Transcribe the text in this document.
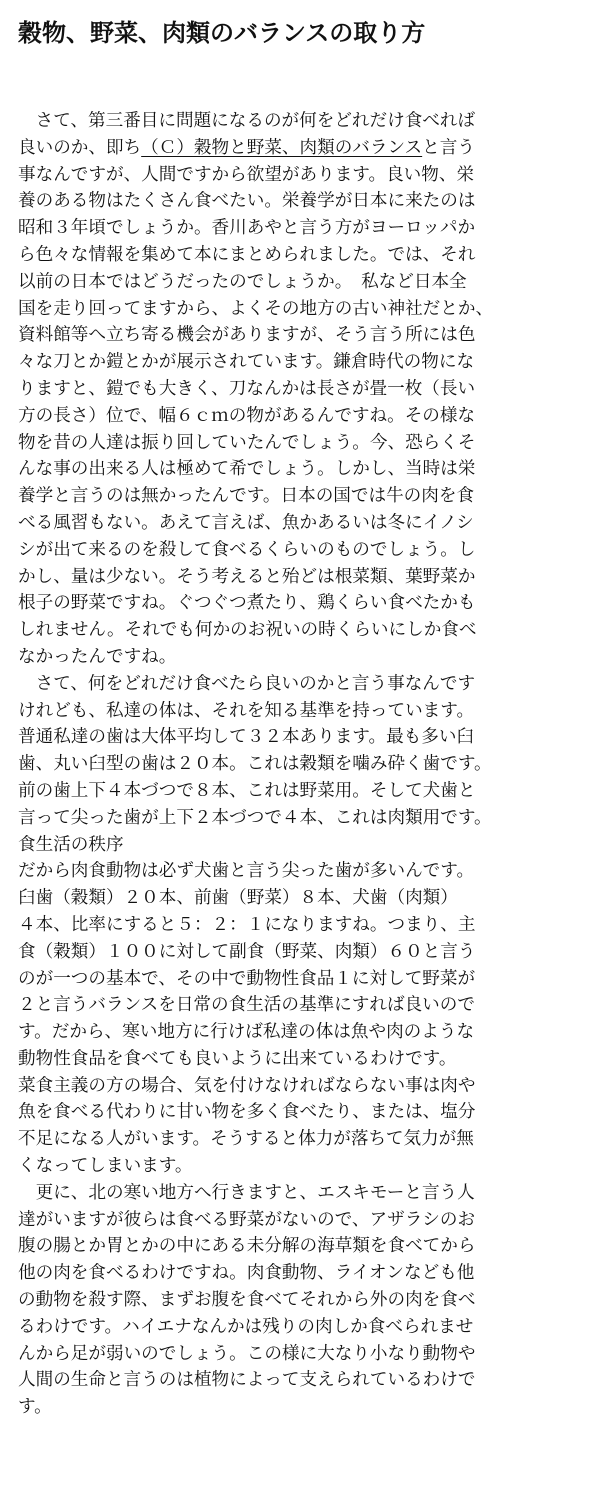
穀物、野菜、肉類のバランスの取り方
　さて、第三番目に問題になるのが何をどれだけ食べれば
良いのか、即ち（Ｃ）穀物と野菜、肉類のバランスと言う
事なんですが、人間ですから欲望があります。良い物、栄
養のある物はたくさん食べたい。栄養学が日本に来たのは
昭和３年頃でしょうか。香川あやと言う方がヨーロッパか
ら色々な情報を集めて本にまとめられました。では、それ
以前の日本ではどうだったのでしょうか。　私など日本全
国を走り回ってますから、よくその地方の古い神社だとか、
資料館等へ立ち寄る機会がありますが、そう言う所には色
々な刀とか鎧とかが展示されています。鎌倉時代の物にな
りますと、鎧でも大きく、刀なんかは長さが畳一枚（長い
方の長さ）位で、幅６ｃｍの物があるんですね。その様な
物を昔の人達は振り回していたんでしょう。今、恐らくそ
んな事の出来る人は極めて希でしょう。しかし、当時は栄
養学と言うのは無かったんです。日本の国では牛の肉を食
べる風習もない。あえて言えば、魚かあるいは冬にイノシ
シが出て来るのを殺して食べるくらいのものでしょう。し
かし、量は少ない。そう考えると殆どは根菜類、葉野菜か
根子の野菜ですね。ぐつぐつ煮たり、鶏くらい食べたかも
しれません。それでも何かのお祝いの時くらいにしか食べ
なかったんですね。
　さて、何をどれだけ食べたら良いのかと言う事なんです
けれども、私達の体は、それを知る基準を持っています。
普通私達の歯は大体平均して３２本あります。最も多い臼
歯、丸い臼型の歯は２０本。これは穀類を噛み砕く歯です。
前の歯上下４本づつで８本、これは野菜用。そして犬歯と
言って尖った歯が上下２本づつで４本、これは肉類用です。
食生活の秩序
だから肉食動物は必ず犬歯と言う尖った歯が多いんです。
臼歯（穀類）２０本、前歯（野菜）８本、犬歯（肉類）
４本、比率にすると５：２：１になりますね。つまり、主
食（穀類）１００に対して副食（野菜、肉類）６０と言う
のが一つの基本で、その中で動物性食品１に対して野菜が
２と言うバランスを日常の食生活の基準にすれば良いので
す。だから、寒い地方に行けば私達の体は魚や肉のような
動物性食品を食べても良いように出来ているわけです。
菜食主義の方の場合、気を付けなければならない事は肉や
魚を食べる代わりに甘い物を多く食べたり、または、塩分
不足になる人がいます。そうすると体力が落ちて気力が無
くなってしまいます。
　更に、北の寒い地方へ行きますと、エスキモーと言う人
達がいますが彼らは食べる野菜がないので、アザラシのお
腹の腸とか胃とかの中にある未分解の海草類を食べてから
他の肉を食べるわけですね。肉食動物、ライオンなども他
の動物を殺す際、まずお腹を食べてそれから外の肉を食べ
るわけです。ハイエナなんかは残りの肉しか食べられませ
んから足が弱いのでしょう。この様に大なり小なり動物や
人間の生命と言うのは植物によって支えられているわけで
す。
